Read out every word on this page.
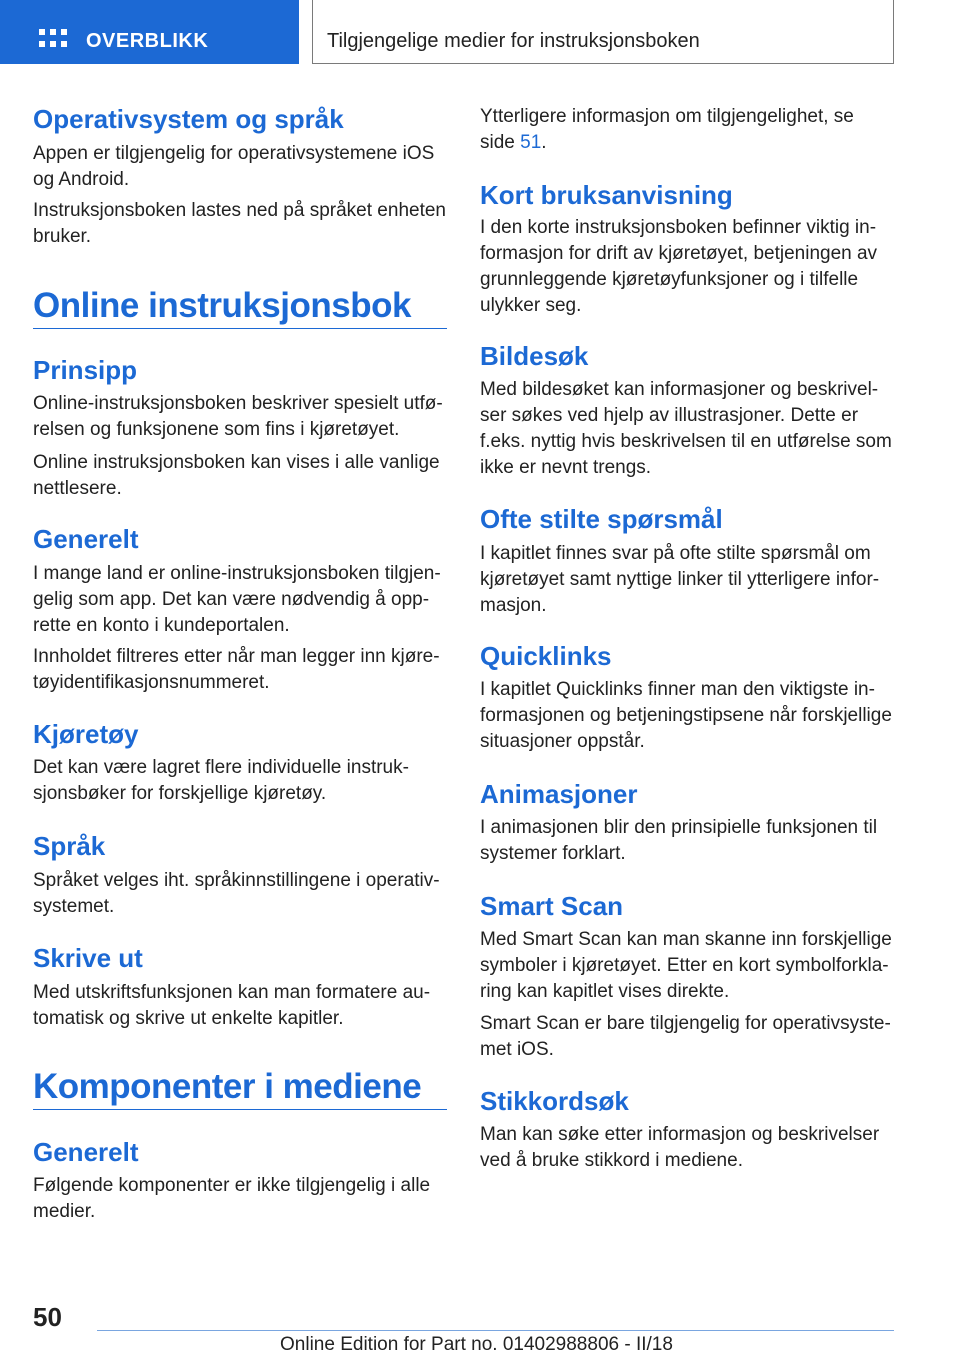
OVERBLIKK	Tilgjengelige medier for instruksjonsboken
Operativsystem og språk

Appen er tilgjengelig for operativsystemene iOS
og Android.

Instruksjonsboken lastes ned på språket enheten
bruker.

Online instruksjonsbok
Prinsipp

Online-instruksjonsboken beskriver spesielt utfø-
relsen og funksjonene som fins i kjøretøyet.

Online instruksjonsboken kan vises i alle vanlige
nettlesere.

Generelt

I mange land er online-instruksjonsboken tilgjen-
gelig som app. Det kan være nødvendig å opp-
rette en konto i kundeportalen.

Innholdet filtreres etter når man legger inn kjøre-
tøyidentifikasjonsnummeret.

Kjøretøy

Det kan være lagret flere individuelle instruk-
sjonsbøker for forskjellige kjøretøy.

Språk

Språket velges iht. språkinnstillingene i operativ-
systemet.

Skrive ut

Med utskriftsfunksjonen kan man formatere au-
tomatisk og skrive ut enkelte kapitler.

Komponenter i mediene
Generelt

Følgende komponenter er ikke tilgjengelig i alle
medier.

Ytterligere informasjon om tilgjengelighet, se
side 51.

Kort bruksanvisning

I den korte instruksjonsboken befinner viktig in-
formasjon for drift av kjøretøyet, betjeningen av
grunnleggende kjøretøyfunksjoner og i tilfelle
ulykker seg.

Bildesøk

Med bildesøket kan informasjoner og beskrivel-
ser søkes ved hjelp av illustrasjoner. Dette er
f.eks. nyttig hvis beskrivelsen til en utførelse som
ikke er nevnt trengs.

Ofte stilte spørsmål

I kapitlet finnes svar på ofte stilte spørsmål om
kjøretøyet samt nyttige linker til ytterligere infor-
masjon.

Quicklinks

I kapitlet Quicklinks finner man den viktigste in-
formasjonen og betjeningstipsene når forskjellige
situasjoner oppstår.

Animasjoner

I animasjonen blir den prinsipielle funksjonen til
systemer forklart.

Smart Scan

Med Smart Scan kan man skanne inn forskjellige
symboler i kjøretøyet. Etter en kort symbolforkla-
ring kan kapitlet vises direkte.

Smart Scan er bare tilgjengelig for operativsyste-
met iOS.

Stikkordsøk

Man kan søke etter informasjon og beskrivelser
ved å bruke stikkord i mediene.

50
Online Edition for Part no. 01402988806 - II/18
